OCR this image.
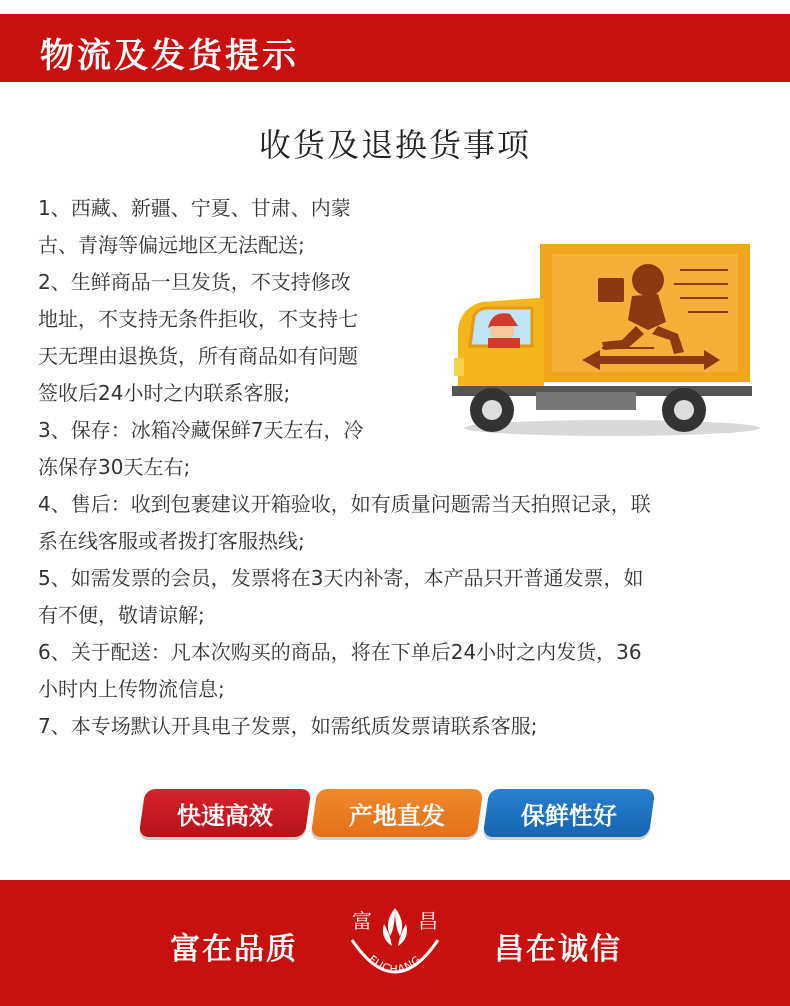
物流及发货提示
收货及退换货事项

1、西藏、新疆、宁夏、甘肃、内蒙
古、青海等偏远地区无法配送;

2、生鲜商品一旦发货，不支持修改
地址，不支持无条件拒收，不支持七
天无理由退换货，所有商品如有问题
签收后24小时之内联系客服;

3、保存：冰箱冷藏保鲜7天左右，冷
冻保存30天左右;

4、售后：收到包裹建议开箱验收，如有质量问题需当天拍照记录，联
系在线客服或者拨打客服热线;

5、如需发票的会员，发票将在3天内补寄，本产品只开普通发票，如
有不便，敬请谅解;

6、关于配送：凡本次购买的商品，将在下单后24小时之内发货，36
小时内上传物流信息;

7、本专场默认开具电子发票，如需纸质发票请联系客服;

快速高效	产地直发	保鲜性好
富在品质
富 昌
FUCHANG 昌在诚信
